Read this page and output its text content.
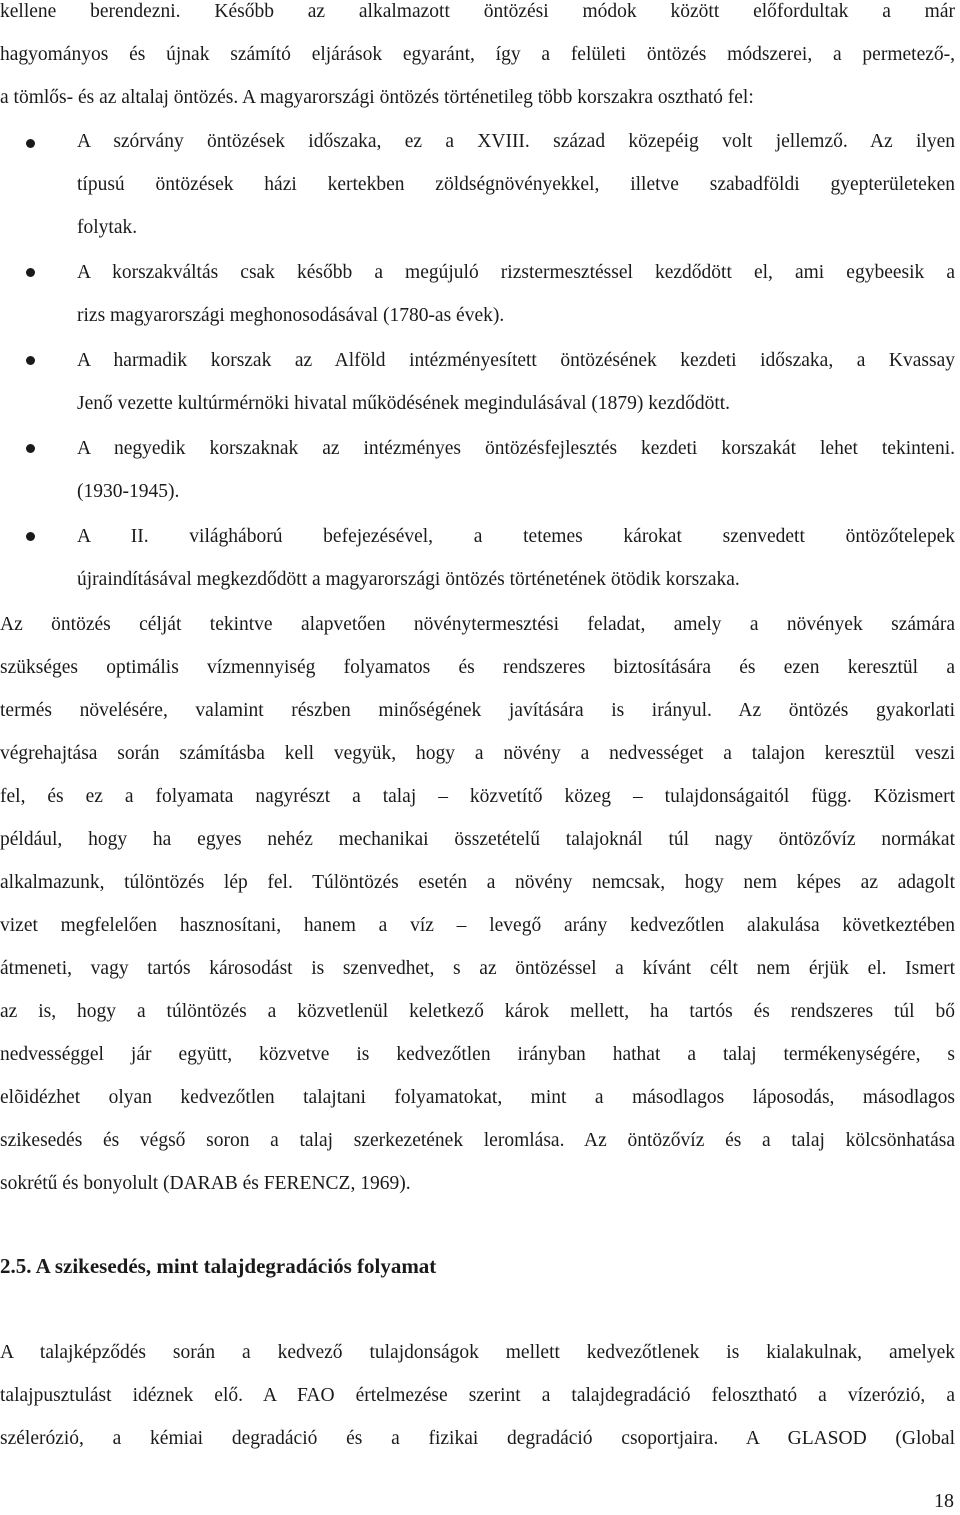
kellene berendezni. Később az alkalmazott öntözési módok között előfordultak a már
hagyományos és újnak számító eljárások egyaránt, így a felületi öntözés módszerei, a permetező-,
a tömlős- és az altalaj öntözés. A magyarországi öntözés történetileg több korszakra osztható fel:
A szórvány öntözések időszaka, ez a XVIII. század közepéig volt jellemző. Az ilyen
típusú öntözések házi kertekben zöldségnövényekkel, illetve szabadföldi gyepterületeken
folytak.
A korszakváltás csak később a megújuló rizstermesztéssel kezdődött el, ami egybeesik a
rizs magyarországi meghonosodásával (1780-as évek).
A harmadik korszak az Alföld intézményesített öntözésének kezdeti időszaka, a Kvassay
Jenő vezette kultúrmérnöki hivatal működésének megindulásával (1879) kezdődött.
A negyedik korszaknak az intézményes öntözésfejlesztés kezdeti korszakát lehet tekinteni.
(1930-1945).
A II. világháború befejezésével, a tetemes károkat szenvedett öntözőtelepek
újraindításával megkezdődött a magyarországi öntözés történetének ötödik korszaka.
Az öntözés célját tekintve alapvetően növénytermesztési feladat, amely a növények számára
szükséges optimális vízmennyiség folyamatos és rendszeres biztosítására és ezen keresztül a
termés növelésére, valamint részben minőségének javítására is irányul. Az öntözés gyakorlati
végrehajtása során számításba kell vegyük, hogy a növény a nedvességet a talajon keresztül veszi
fel, és ez a folyamata nagyrészt a talaj – közvetítő közeg – tulajdonságaitól függ. Közismert
például, hogy ha egyes nehéz mechanikai összetételű talajoknál túl nagy öntözővíz normákat
alkalmazunk, túlöntözés lép fel. Túlöntözés esetén a növény nemcsak, hogy nem képes az adagolt
vizet megfelelően hasznosítani, hanem a víz – levegő arány kedvezőtlen alakulása következtében
átmeneti, vagy tartós károsodást is szenvedhet, s az öntözéssel a kívánt célt nem érjük el. Ismert
az is, hogy a túlöntözés a közvetlenül keletkező károk mellett, ha tartós és rendszeres túl bő
nedvességgel jár együtt, közvetve is kedvezőtlen irányban hathat a talaj termékenységére, s
elõidézhet olyan kedvezőtlen talajtani folyamatokat, mint a másodlagos láposodás, másodlagos
szikesedés és végső soron a talaj szerkezetének leromlása. Az öntözővíz és a talaj kölcsönhatása
sokrétű és bonyolult (DARAB és FERENCZ, 1969).
2.5. A szikesedés, mint talajdegradációs folyamat
A talajképződés során a kedvező tulajdonságok mellett kedvezőtlenek is kialakulnak, amelyek
talajpusztulást idéznek elő. A FAO értelmezése szerint a talajdegradáció felosztható a vízerózió, a
szélerózió, a kémiai degradáció és a fizikai degradáció csoportjaira. A GLASOD (Global
18
